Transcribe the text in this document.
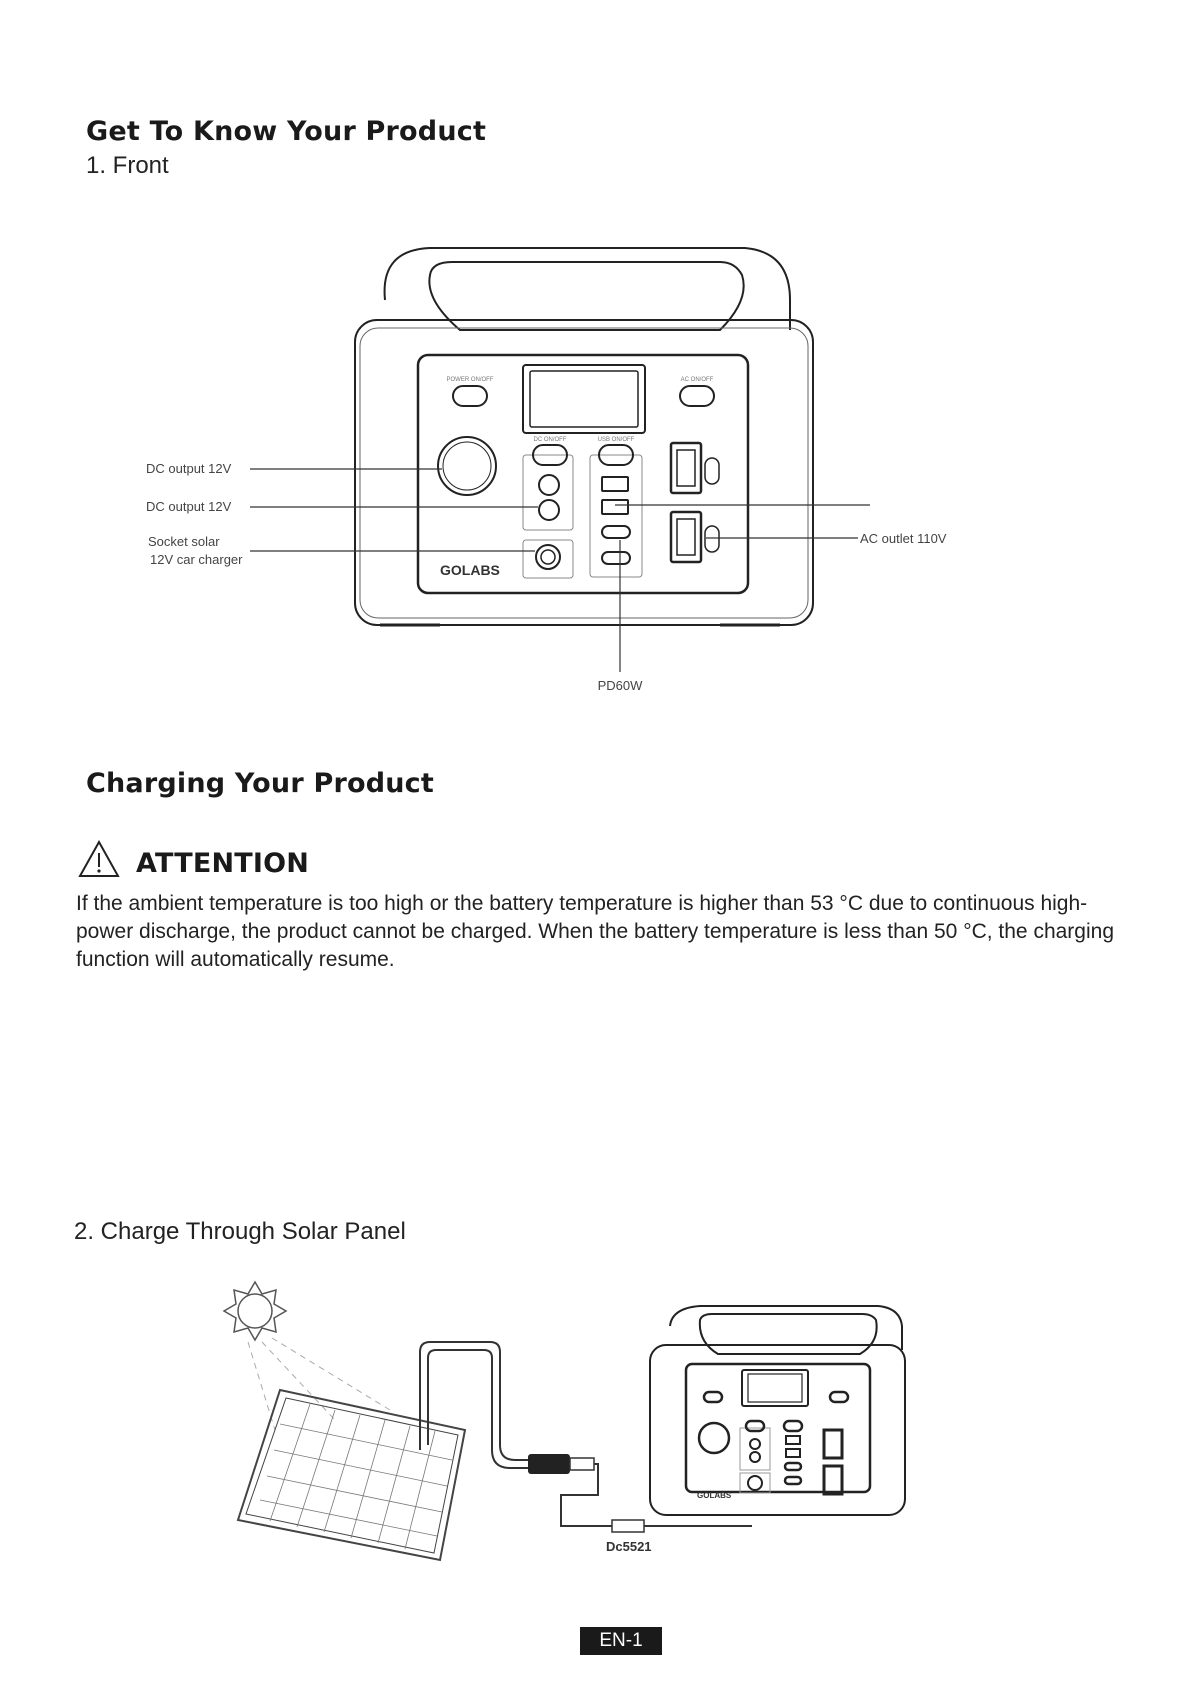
Get To Know Your Product
1. Front
POWER ON/OFF	AC ON/OFF
DC ON/OFF	USB ON/OFF
GOLABS
DC output 12V
DC output 12V
Socket solar
12V car charger
AC outlet 110V
PD60W
Charging Your Product
ATTENTION
If the ambient temperature is too high or the battery temperature is higher than 53 °C due to continuous high-power discharge, the product cannot be charged. When the battery temperature is less than 50 °C, the charging function will automatically resume.
2. Charge Through Solar Panel
Dc5521
GOLABS
EN-1
